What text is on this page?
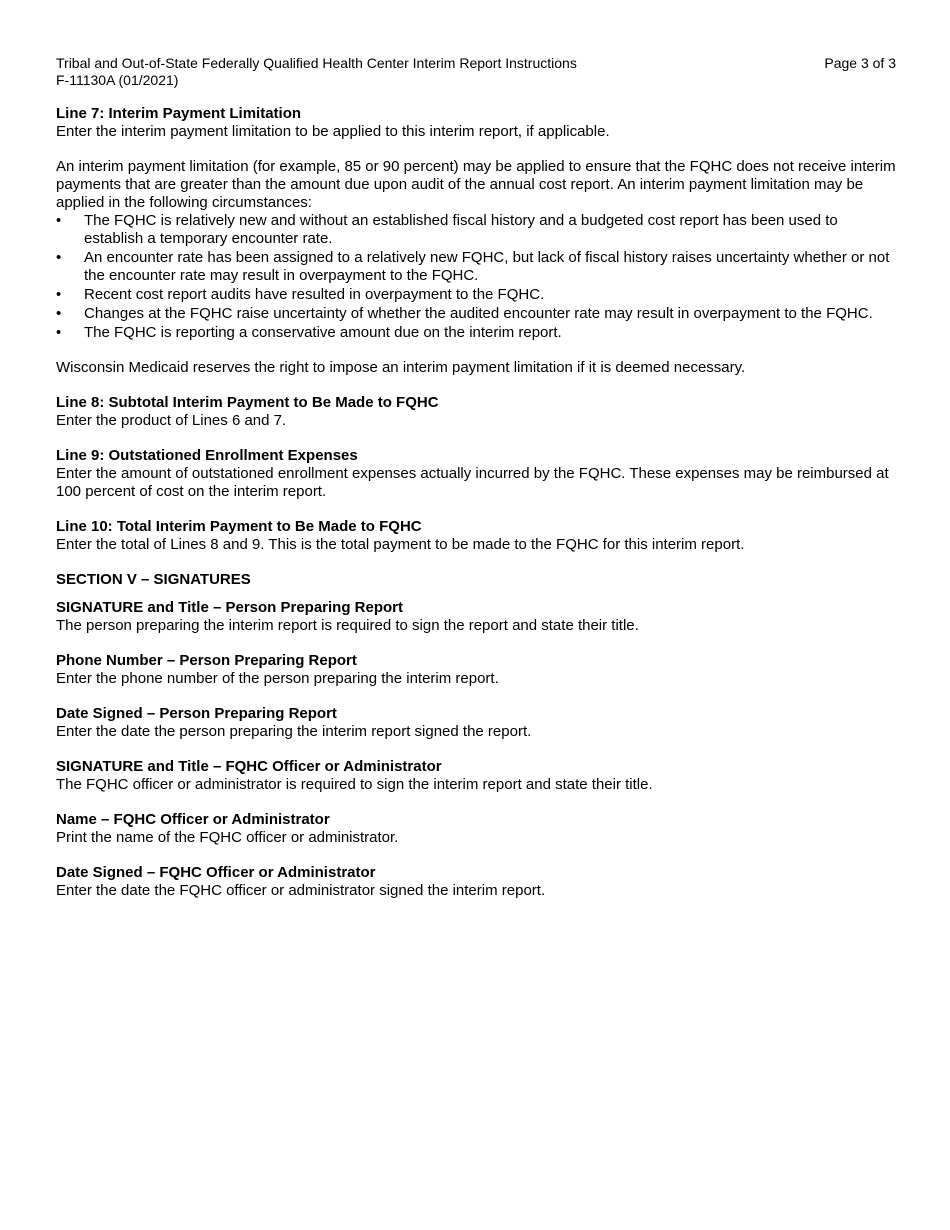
Tribal and Out-of-State Federally Qualified Health Center Interim Report Instructions
F-11130A (01/2021)
Page 3 of 3
Line 7: Interim Payment Limitation
Enter the interim payment limitation to be applied to this interim report, if applicable.
An interim payment limitation (for example, 85 or 90 percent) may be applied to ensure that the FQHC does not receive interim payments that are greater than the amount due upon audit of the annual cost report. An interim payment limitation may be applied in the following circumstances:
• The FQHC is relatively new and without an established fiscal history and a budgeted cost report has been used to establish a temporary encounter rate.
• An encounter rate has been assigned to a relatively new FQHC, but lack of fiscal history raises uncertainty whether or not the encounter rate may result in overpayment to the FQHC.
• Recent cost report audits have resulted in overpayment to the FQHC.
• Changes at the FQHC raise uncertainty of whether the audited encounter rate may result in overpayment to the FQHC.
• The FQHC is reporting a conservative amount due on the interim report.
Wisconsin Medicaid reserves the right to impose an interim payment limitation if it is deemed necessary.
Line 8: Subtotal Interim Payment to Be Made to FQHC
Enter the product of Lines 6 and 7.
Line 9: Outstationed Enrollment Expenses
Enter the amount of outstationed enrollment expenses actually incurred by the FQHC. These expenses may be reimbursed at 100 percent of cost on the interim report.
Line 10: Total Interim Payment to Be Made to FQHC
Enter the total of Lines 8 and 9. This is the total payment to be made to the FQHC for this interim report.
SECTION V – SIGNATURES
SIGNATURE and Title – Person Preparing Report
The person preparing the interim report is required to sign the report and state their title.
Phone Number – Person Preparing Report
Enter the phone number of the person preparing the interim report.
Date Signed – Person Preparing Report
Enter the date the person preparing the interim report signed the report.
SIGNATURE and Title – FQHC Officer or Administrator
The FQHC officer or administrator is required to sign the interim report and state their title.
Name – FQHC Officer or Administrator
Print the name of the FQHC officer or administrator.
Date Signed – FQHC Officer or Administrator
Enter the date the FQHC officer or administrator signed the interim report.
